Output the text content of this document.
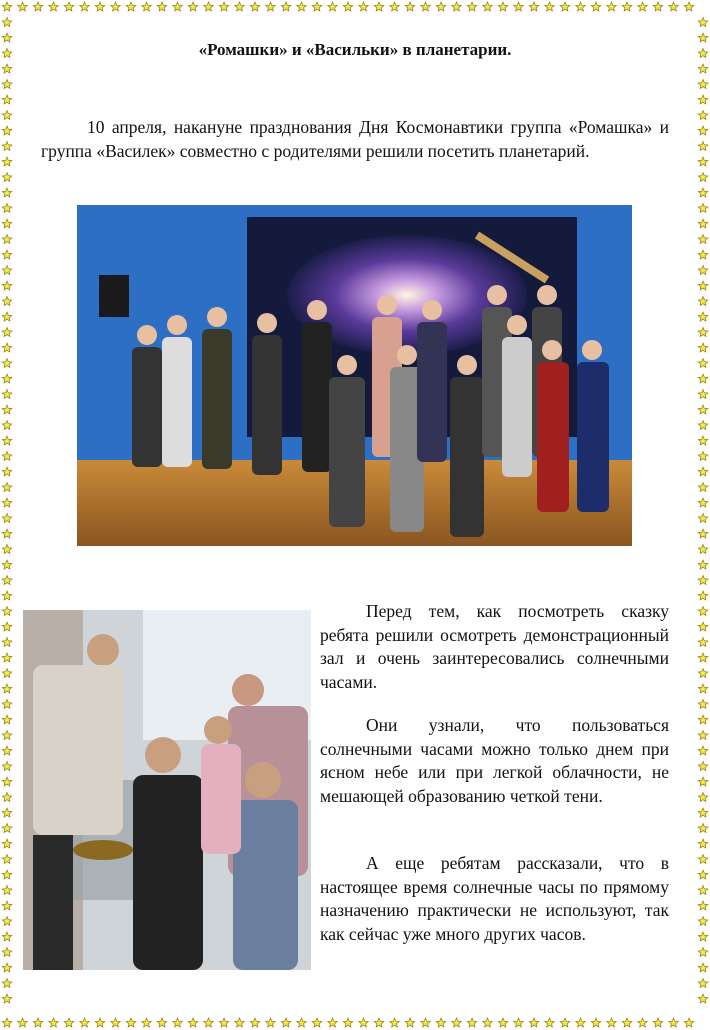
«Ромашки» и «Васильки» в планетарии.

10 апреля, накануне празднования Дня Космонавтики группа «Ромашка» и группа «Василек» совместно с родителями решили посетить планетарий.

Перед тем, как посмотреть сказку ребята решили осмотреть демонстрационный зал и очень заинтересовались солнечными часами.

Они узнали, что пользоваться солнечными часами можно только днем при ясном небе или при легкой облачности, не мешающей образованию четкой тени.

А еще ребятам рассказали, что в настоящее время солнечные часы по прямому назначению практически не используют, так как сейчас уже много других часов.
